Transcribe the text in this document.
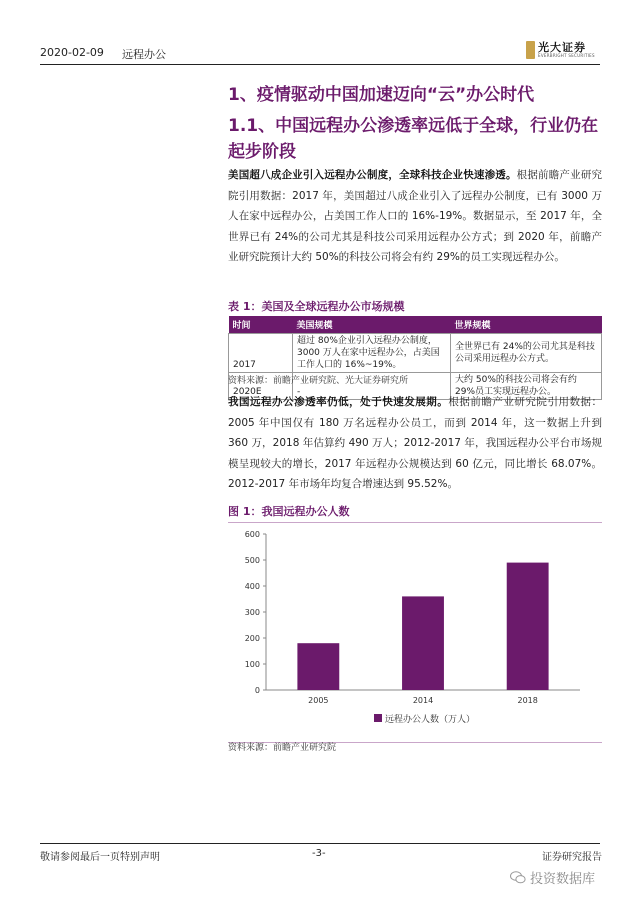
2020-02-09 远程办公
光大证券
EVERBRIGHT SECURITIES
1、疫情驱动中国加速迈向“云”办公时代
1.1、中国远程办公渗透率远低于全球，行业仍在起步阶段
美国超八成企业引入远程办公制度，全球科技企业快速渗透。根据前瞻产业研究院引用数据：2017 年，美国超过八成企业引入了远程办公制度，已有 3000 万人在家中远程办公，占美国工作人口的 16%-19%。数据显示，至 2017 年，全世界已有 24%的公司尤其是科技公司采用远程办公方式；到 2020 年，前瞻产业研究院预计大约 50%的科技公司将会有约 29%的员工实现远程办公。
表 1：美国及全球远程办公市场规模
时间	美国规模	世界规模
2017	超过 80%企业引入远程办公制度，3000 万人在家中远程办公，占美国工作人口的 16%~19%。	全世界已有 24%的公司尤其是科技公司采用远程办公方式。
2020E	-	大约 50%的科技公司将会有约 29%员工实现远程办公。
资料来源：前瞻产业研究院、光大证券研究所
我国远程办公渗透率仍低，处于快速发展期。根据前瞻产业研究院引用数据：2005 年中国仅有 180 万名远程办公员工，而到 2014 年，这一数据上升到 360 万，2018 年估算约 490 万人；2012-2017 年，我国远程办公平台市场规模呈现较大的增长，2017 年远程办公规模达到 60 亿元，同比增长 68.07%。2012-2017 年市场年均复合增速达到 95.52%。
图 1：我国远程办公人数
0
100
200
300
400
500
600
2005	2014	2018
远程办公人数（万人）
资料来源：前瞻产业研究院
敬请参阅最后一页特别声明	-3-	证券研究报告
投资数据库
